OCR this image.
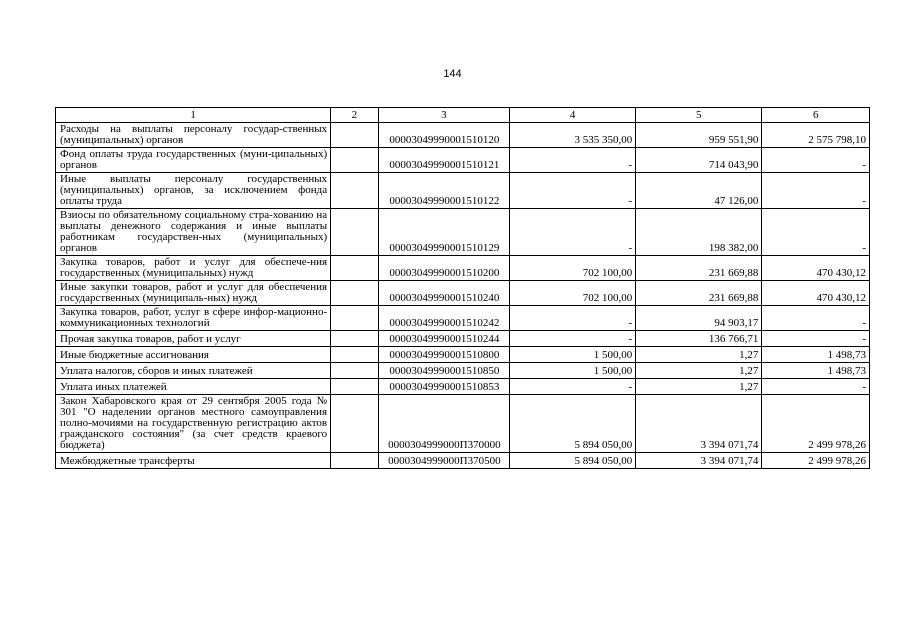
144
1	2	3	4	5	6
Расходы на выплаты персоналу государ-ственных (муниципальных) органов		00003049990001510120	3 535 350,00	959 551,90	2 575 798,10
Фонд оплаты труда государственных (муни-ципальных) органов		00003049990001510121	-	714 043,90	-
Иные выплаты персоналу государственных (муниципальных) органов, за исключением фонда оплаты труда		00003049990001510122	-	47 126,00	-
Взиосы по обязательному социальному стра-хованию на выплаты денежного содержания и иные выплаты работникам государствен-ных (муниципальных) органов		00003049990001510129	-	198 382,00	-
Закупка товаров, работ и услуг для обеспече-ния государственных (муниципальных) нужд		00003049990001510200	702 100,00	231 669,88	470 430,12
Иные закупки товаров, работ и услуг для обеспечения государственных (муниципаль-ных) нужд		00003049990001510240	702 100,00	231 669,88	470 430,12
Закупка товаров, работ, услуг в сфере инфор-мационно-коммуникационных технологий		00003049990001510242	-	94 903,17	-
Прочая закупка товаров, работ и услуг		00003049990001510244	-	136 766,71	-
Иные бюджетные ассигнования		00003049990001510800	1 500,00	1,27	1 498,73
Уплата налогов, сборов и иных платежей		00003049990001510850	1 500,00	1,27	1 498,73
Уплата иных платежей		00003049990001510853	-	1,27	-
Закон Хабаровского края от 29 сентября 2005 года № 301 "О наделении органов местного самоуправления полно-мочиями на государственную регистрацию актов гражданского состояния" (за счет средств краевого бюджета)		0000304999000П370000	5 894 050,00	3 394 071,74	2 499 978,26
Межбюджетные трансферты		0000304999000П370500	5 894 050,00	3 394 071,74	2 499 978,26
